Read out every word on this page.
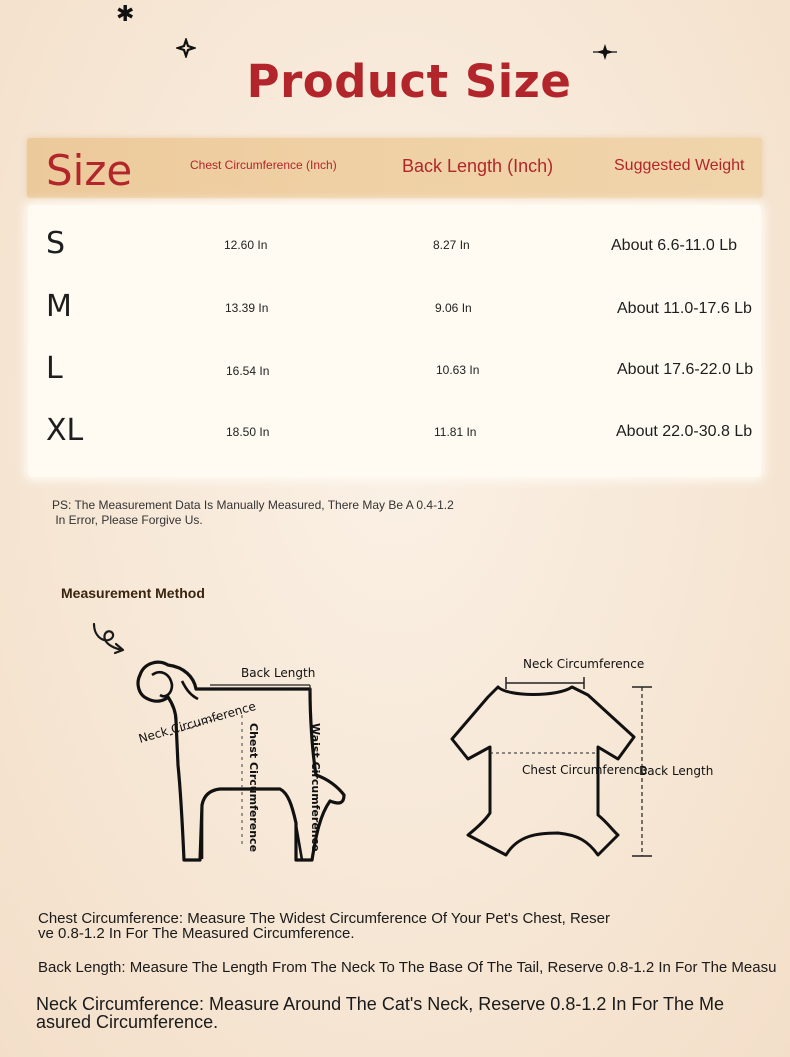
✱
Product Size
Size	Chest Circumference (Inch)	Back Length (Inch)	Suggested Weight
S	12.60 In	8.27 In	About 6.6-11.0 Lb
M	13.39 In	9.06 In	About 11.0-17.6 Lb
L	16.54 In	10.63 In	About 17.6-22.0 Lb
XL	18.50 In	11.81 In	About 22.0-30.8 Lb
PS: The Measurement Data Is Manually Measured, There May Be A 0.4-1.2
In Error, Please Forgive Us.
Measurement Method
Back Length
Neck Circumference
Chest Circumference	Waist Circumference
Neck Circumference
Chest Circumference
Back Length
Chest Circumference: Measure The Widest Circumference Of Your Pet's Chest, Reser
ve 0.8-1.2 In For The Measured Circumference.
Back Length: Measure The Length From The Neck To The Base Of The Tail, Reserve 0.8-1.2 In For The Measu
Neck Circumference: Measure Around The Cat's Neck, Reserve 0.8-1.2 In For The Me
asured Circumference.
